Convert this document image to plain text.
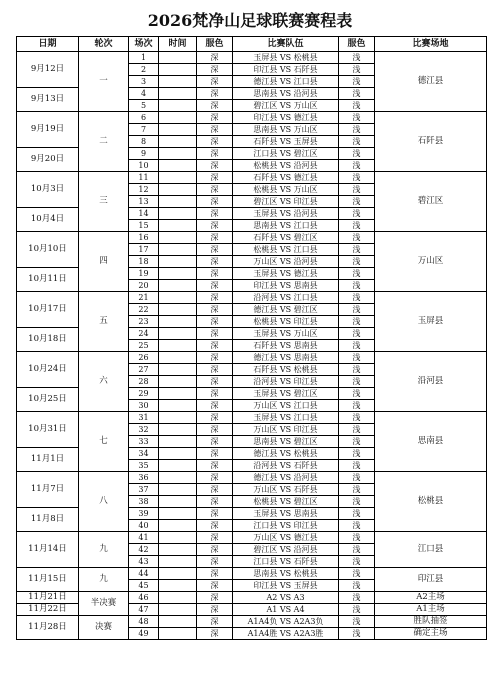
2026梵净山足球联赛赛程表
日期	轮次	场次	时间	服色	比赛队伍	服色	比赛场地
9月12日	一	1		深	玉屏县 VS 松桃县	浅	德江县
		2		深	印江县 VS 石阡县	浅	
		3		深	德江县 VS 江口县	浅	
9月13日		4		深	思南县 VS 沿河县	浅	
		5		深	碧江区 VS 万山区	浅	
9月19日	二	6		深	印江县 VS 德江县	浅	石阡县
		7		深	思南县 VS 万山区	浅	
		8		深	石阡县 VS 玉屏县	浅	
9月20日		9		深	江口县 VS 碧江区	浅	
		10		深	松桃县 VS 沿河县	浅	
10月3日	三	11		深	石阡县 VS 德江县	浅	碧江区
		12		深	松桃县 VS 万山区	浅	
		13		深	碧江区 VS 印江县	浅	
10月4日		14		深	玉屏县 VS 沿河县	浅	
		15		深	思南县 VS 江口县	浅	
10月10日	四	16		深	石阡县 VS 碧江区	浅	万山区
		17		深	松桃县 VS 江口县	浅	
		18		深	万山区 VS 沿河县	浅	
10月11日		19		深	玉屏县 VS 德江县	浅	
		20		深	印江县 VS 思南县	浅	
10月17日	五	21		深	沿河县 VS 江口县	浅	玉屏县
		22		深	德江县 VS 碧江区	浅	
		23		深	松桃县 VS 印江县	浅	
10月18日		24		深	玉屏县 VS 万山区	浅	
		25		深	石阡县 VS 思南县	浅	
10月24日	六	26		深	德江县 VS 思南县	浅	沿河县
		27		深	石阡县 VS 松桃县	浅	
		28		深	沿河县 VS 印江县	浅	
10月25日		29		深	玉屏县 VS 碧江区	浅	
		30		深	万山区 VS 江口县	浅	
10月31日	七	31		深	玉屏县 VS 江口县	浅	思南县
		32		深	万山区 VS 印江县	浅	
		33		深	思南县 VS 碧江区	浅	
11月1日		34		深	德江县 VS 松桃县	浅	
		35		深	沿河县 VS 石阡县	浅	
11月7日	八	36		深	德江县 VS 沿河县	浅	松桃县
		37		深	万山区 VS 石阡县	浅	
		38		深	松桃县 VS 碧江区	浅	
11月8日		39		深	玉屏县 VS 思南县	浅	
		40		深	江口县 VS 印江县	浅	
11月14日	九	41		深	万山区 VS 德江县	浅	江口县
		42		深	碧江区 VS 沿河县	浅	
		43		深	江口县 VS 石阡县	浅	
11月15日	九	44		深	思南县 VS 松桃县	浅	印江县
		45		深	印江县 VS 玉屏县	浅	
11月21日	半决赛	46		深	A2 VS A3	浅	A2主场
11月22日		47		深	A1 VS A4	浅	A1主场
11月28日	决赛	48		深	A1A4负 VS A2A3负	浅	胜队抽签
		49		深	A1A4胜 VS A2A3胜	浅	确定主场
